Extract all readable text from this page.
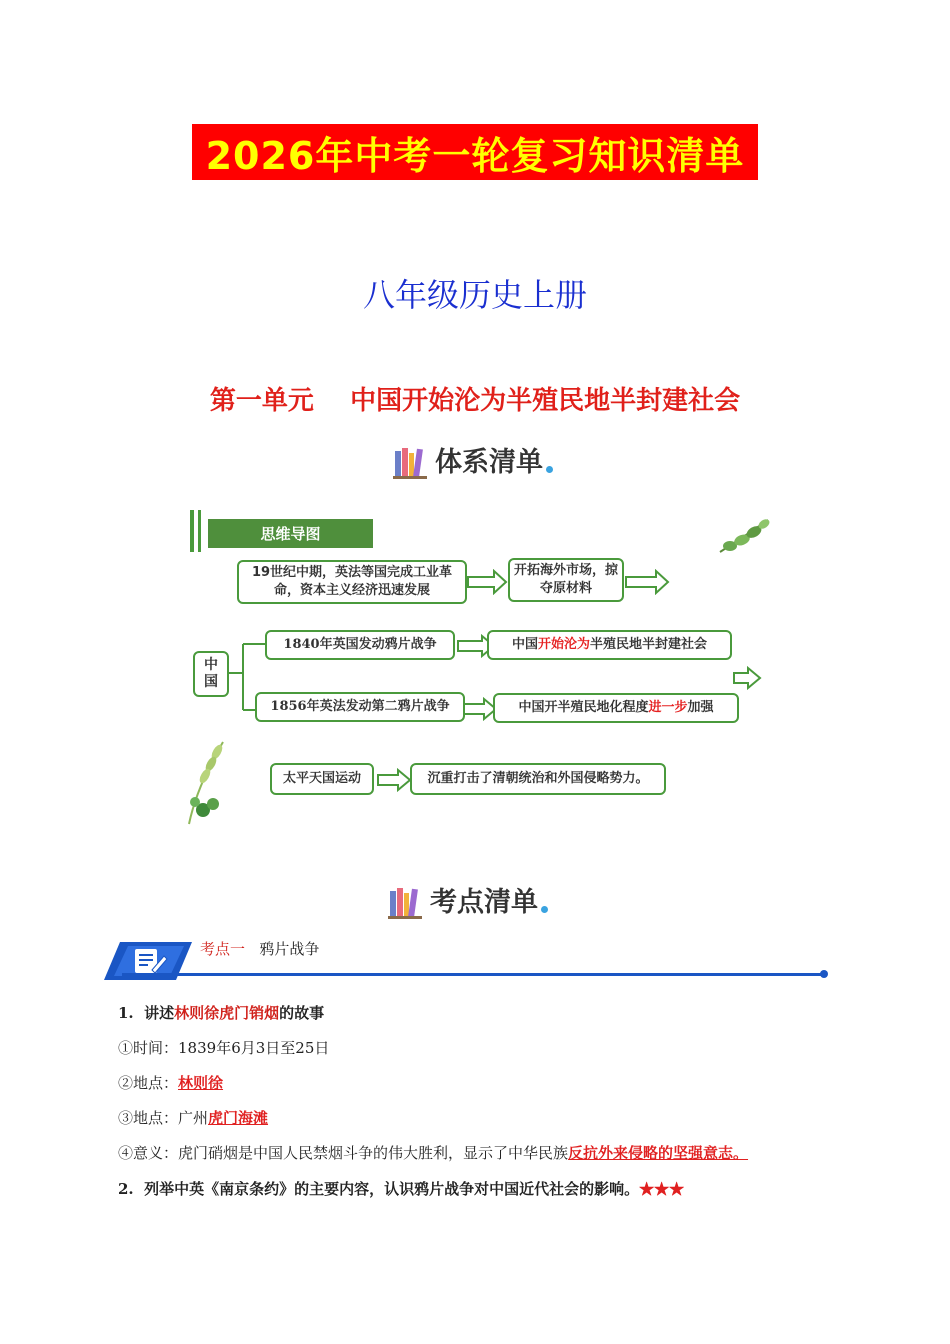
2026年中考一轮复习知识清单
八年级历史上册
第一单元    中国开始沦为半殖民地半封建社会
体系清单
思维导图
19世纪中期，英法等国完成工业革命，资本主义经济迅速发展
开拓海外市场，掠夺原材料
中国
1840年英国发动鸦片战争	中国 开始沦为 半殖民地半封建社会
1856年英法发动第二鸦片战争	中国开半殖民地化程度 进一步 加强
太平天国运动	沉重打击了清朝统治和外国侵略势力。
考点清单
考点一 鸦片战争
1. 讲述林则徐虎门销烟的故事
①时间：1839年6月3日至25日
②地点：林则徐
③地点：广州虎门海滩
④意义：虎门硝烟是中国人民禁烟斗争的伟大胜利，显示了中华民族反抗外来侵略的坚强意志。
2. 列举中英《南京条约》的主要内容，认识鸦片战争对中国近代社会的影响。★★★
